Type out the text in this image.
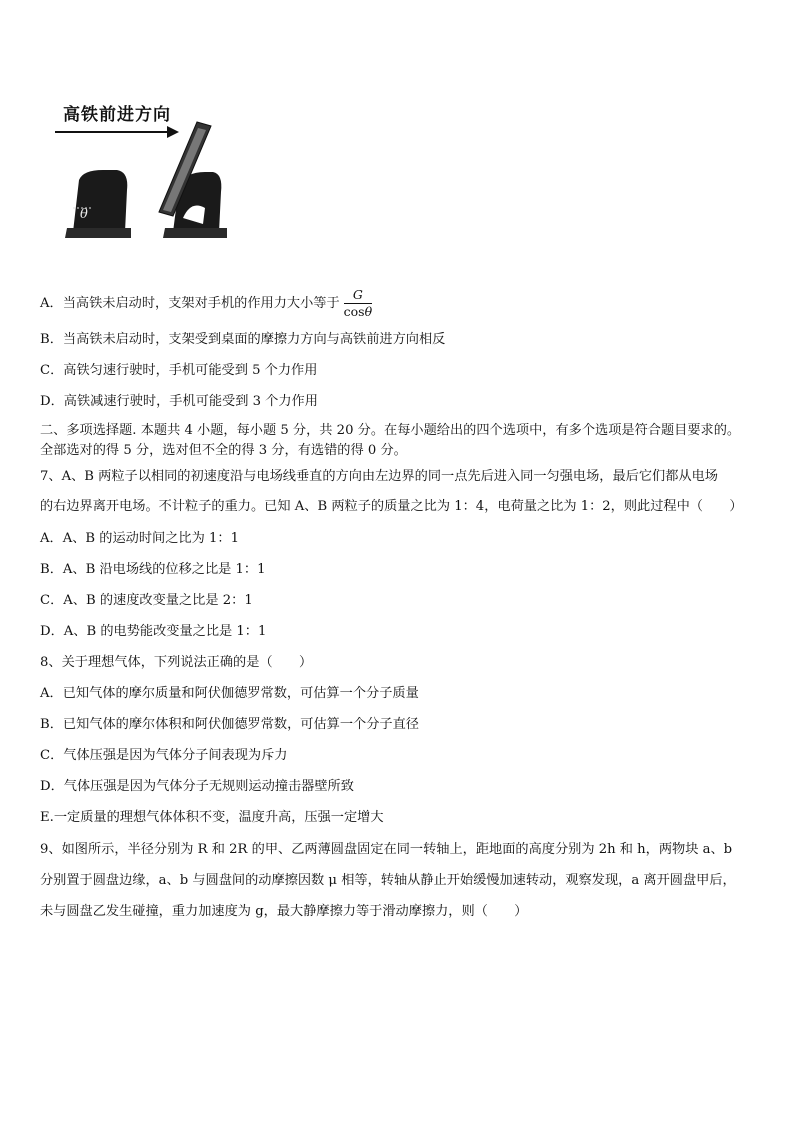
高铁前进方向
θ
A．当高铁未启动时，支架对手机的作用力大小等于 $\frac{G}{\cos\theta}$
B．当高铁未启动时，支架受到桌面的摩擦力方向与高铁前进方向相反
C．高铁匀速行驶时，手机可能受到 5 个力作用
D．高铁减速行驶时，手机可能受到 3 个力作用
二、多项选择题. 本题共 4 小题，每小题 5 分，共 20 分。在每小题给出的四个选项中，有多个选项是符合题目要求的。
全部选对的得 5 分，选对但不全的得 3 分，有选错的得 0 分。
7、A、B 两粒子以相同的初速度沿与电场线垂直的方向由左边界的同一点先后进入同一匀强电场，最后它们都从电场
的右边界离开电场。不计粒子的重力。已知 A、B 两粒子的质量之比为 1：4，电荷量之比为 1：2，则此过程中（　　）
A．A、B 的运动时间之比为 1：1
B．A、B 沿电场线的位移之比是 1：1
C．A、B 的速度改变量之比是 2：1
D．A、B 的电势能改变量之比是 1：1
8、关于理想气体，下列说法正确的是（　　）
A．已知气体的摩尔质量和阿伏伽德罗常数，可估算一个分子质量
B．已知气体的摩尔体积和阿伏伽德罗常数，可估算一个分子直径
C．气体压强是因为气体分子间表现为斥力
D．气体压强是因为气体分子无规则运动撞击器壁所致
E.一定质量的理想气体体积不变，温度升高，压强一定增大
9、如图所示，半径分别为 R 和 2R 的甲、乙两薄圆盘固定在同一转轴上，距地面的高度分别为 2h 和 h，两物块 a、b
分别置于圆盘边缘，a、b 与圆盘间的动摩擦因数 μ 相等，转轴从静止开始缓慢加速转动，观察发现，a 离开圆盘甲后，
未与圆盘乙发生碰撞，重力加速度为 g，最大静摩擦力等于滑动摩擦力，则（　　）
